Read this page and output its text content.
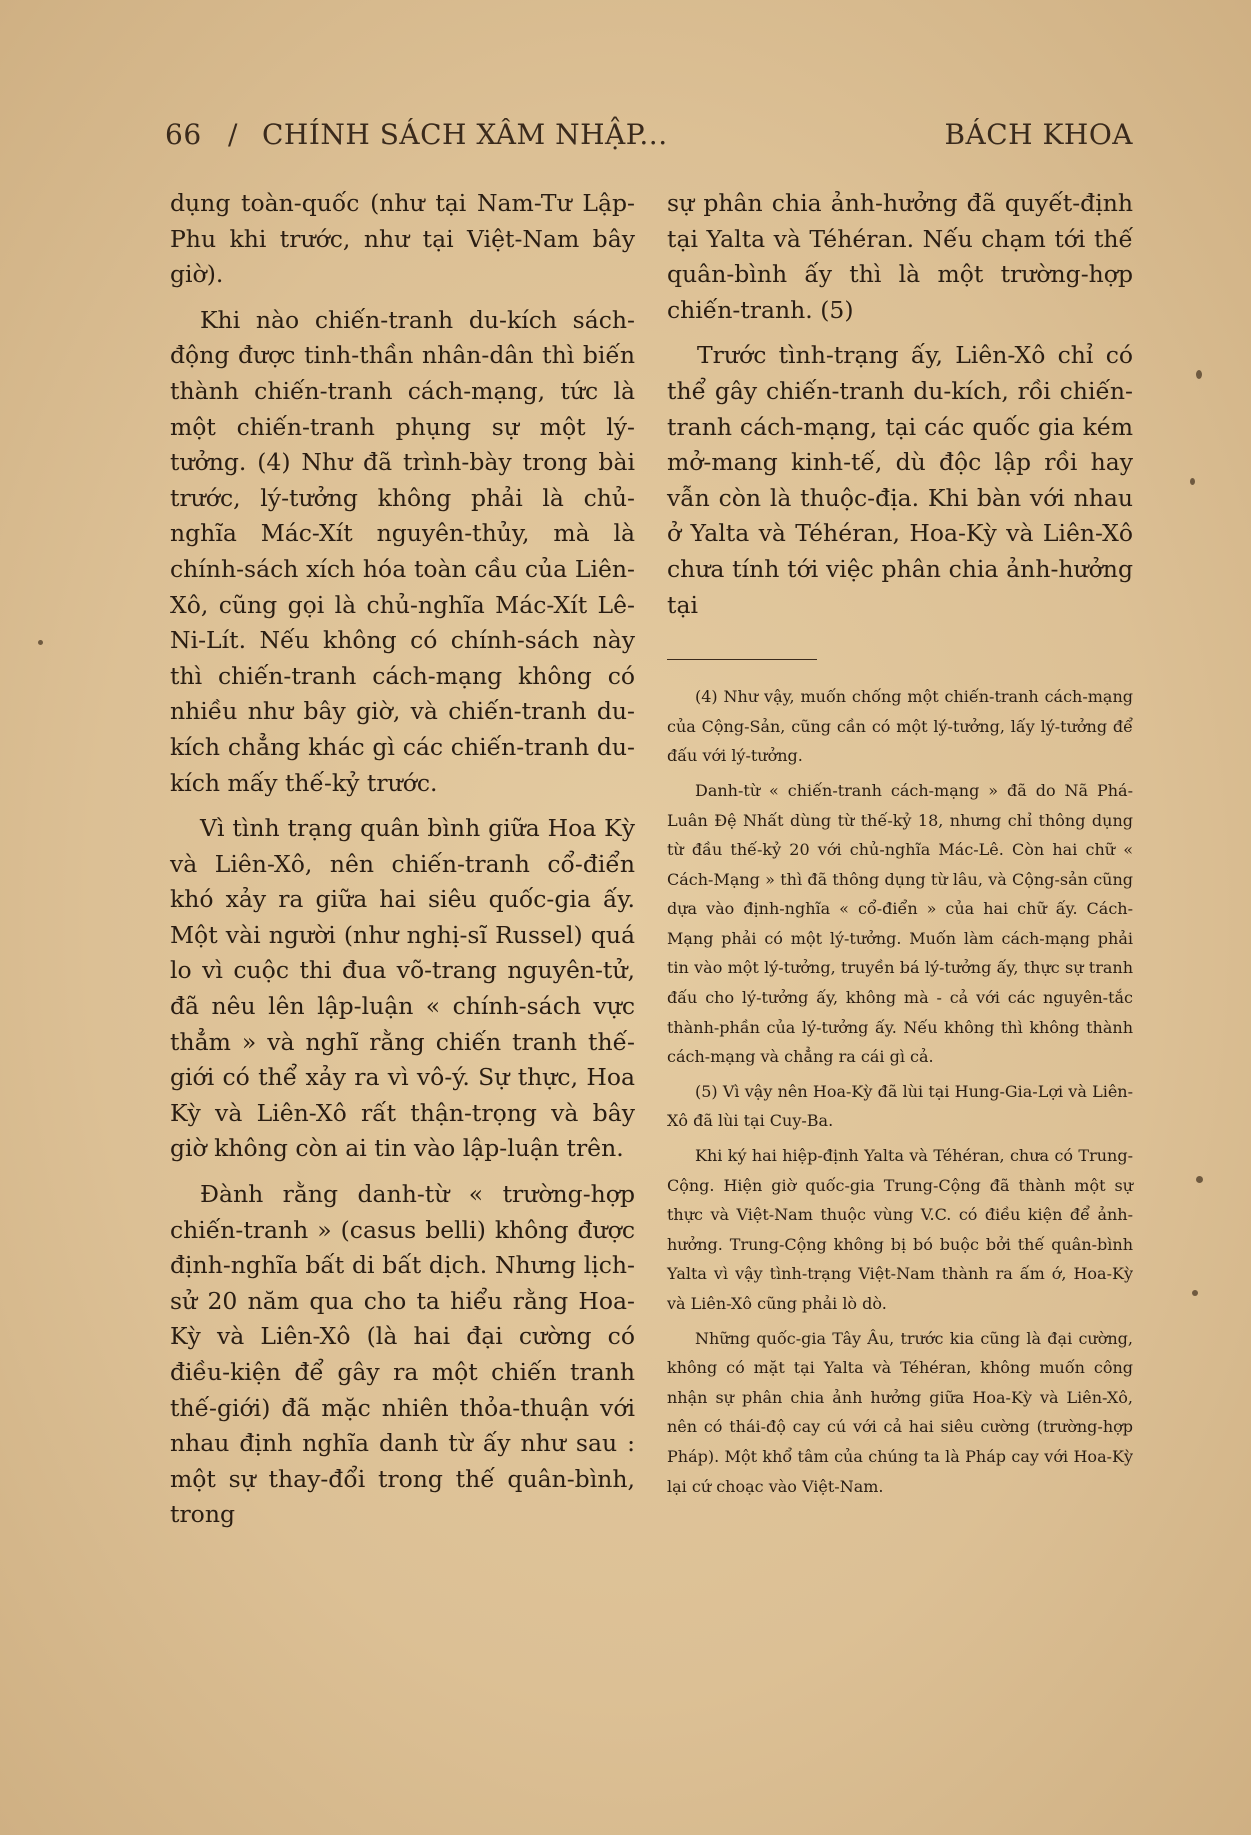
66 / CHÍNH SÁCH XÂM NHẬP...	BÁCH KHOA

dụng toàn-quốc (như tại Nam-Tư Lập-Phu khi trước, như tại Việt-Nam bây giờ).

Khi nào chiến-tranh du-kích sách-động được tinh-thần nhân-dân thì biến thành chiến-tranh cách-mạng, tức là một chiến-tranh phụng sự một lý-tưởng. (4) Như đã trình-bày trong bài trước, lý-tưởng không phải là chủ-nghĩa Mác-Xít nguyên-thủy, mà là chính-sách xích hóa toàn cầu của Liên-Xô, cũng gọi là chủ-nghĩa Mác-Xít Lê-Ni-Lít. Nếu không có chính-sách này thì chiến-tranh cách-mạng không có nhiều như bây giờ, và chiến-tranh du-kích chẳng khác gì các chiến-tranh du-kích mấy thế-kỷ trước.

Vì tình trạng quân bình giữa Hoa Kỳ và Liên-Xô, nên chiến-tranh cổ-điển khó xảy ra giữa hai siêu quốc-gia ấy. Một vài người (như nghị-sĩ Russel) quá lo vì cuộc thi đua võ-trang nguyên-tử, đã nêu lên lập-luận « chính-sách vực thẳm » và nghĩ rằng chiến tranh thế-giới có thể xảy ra vì vô-ý. Sự thực, Hoa Kỳ và Liên-Xô rất thận-trọng và bây giờ không còn ai tin vào lập-luận trên.

Đành rằng danh-từ « trường-hợp chiến-tranh » (casus belli) không được định-nghĩa bất di bất dịch. Nhưng lịch-sử 20 năm qua cho ta hiểu rằng Hoa-Kỳ và Liên-Xô (là hai đại cường có điều-kiện để gây ra một chiến tranh thế-giới) đã mặc nhiên thỏa-thuận với nhau định nghĩa danh từ ấy như sau : một sự thay-đổi trong thế quân-bình, trong

sự phân chia ảnh-hưởng đã quyết-định tại Yalta và Téhéran. Nếu chạm tới thế quân-bình ấy thì là một trường-hợp chiến-tranh. (5)

Trước tình-trạng ấy, Liên-Xô chỉ có thể gây chiến-tranh du-kích, rồi chiến-tranh cách-mạng, tại các quốc gia kém mở-mang kinh-tế, dù độc lập rồi hay vẫn còn là thuộc-địa. Khi bàn với nhau ở Yalta và Téhéran, Hoa-Kỳ và Liên-Xô chưa tính tới việc phân chia ảnh-hưởng tại

(4) Như vậy, muốn chống một chiến-tranh cách-mạng của Cộng-Sản, cũng cần có một lý-tưởng, lấy lý-tưởng để đấu với lý-tưởng.

Danh-từ « chiến-tranh cách-mạng » đã do Nã Phá-Luân Đệ Nhất dùng từ thế-kỷ 18, nhưng chỉ thông dụng từ đầu thế-kỷ 20 với chủ-nghĩa Mác-Lê. Còn hai chữ « Cách-Mạng » thì đã thông dụng từ lâu, và Cộng-sản cũng dựa vào định-nghĩa « cổ-điển » của hai chữ ấy. Cách-Mạng phải có một lý-tưởng. Muốn làm cách-mạng phải tin vào một lý-tưởng, truyền bá lý-tưởng ấy, thực sự tranh đấu cho lý-tưởng ấy, không mà - cả với các nguyên-tắc thành-phần của lý-tưởng ấy. Nếu không thì không thành cách-mạng và chẳng ra cái gì cả.

(5) Vì vậy nên Hoa-Kỳ đã lùi tại Hung-Gia-Lợi và Liên-Xô đã lùi tại Cuy-Ba.

Khi ký hai hiệp-định Yalta và Téhéran, chưa có Trung-Cộng. Hiện giờ quốc-gia Trung-Cộng đã thành một sự thực và Việt-Nam thuộc vùng V.C. có điều kiện để ảnh-hưởng. Trung-Cộng không bị bó buộc bởi thế quân-bình Yalta vì vậy tình-trạng Việt-Nam thành ra ấm ớ, Hoa-Kỳ và Liên-Xô cũng phải lò dò.

Những quốc-gia Tây Âu, trước kia cũng là đại cường, không có mặt tại Yalta và Téhéran, không muốn công nhận sự phân chia ảnh hưởng giữa Hoa-Kỳ và Liên-Xô, nên có thái-độ cay cú với cả hai siêu cường (trường-hợp Pháp). Một khổ tâm của chúng ta là Pháp cay với Hoa-Kỳ lại cứ choạc vào Việt-Nam.
